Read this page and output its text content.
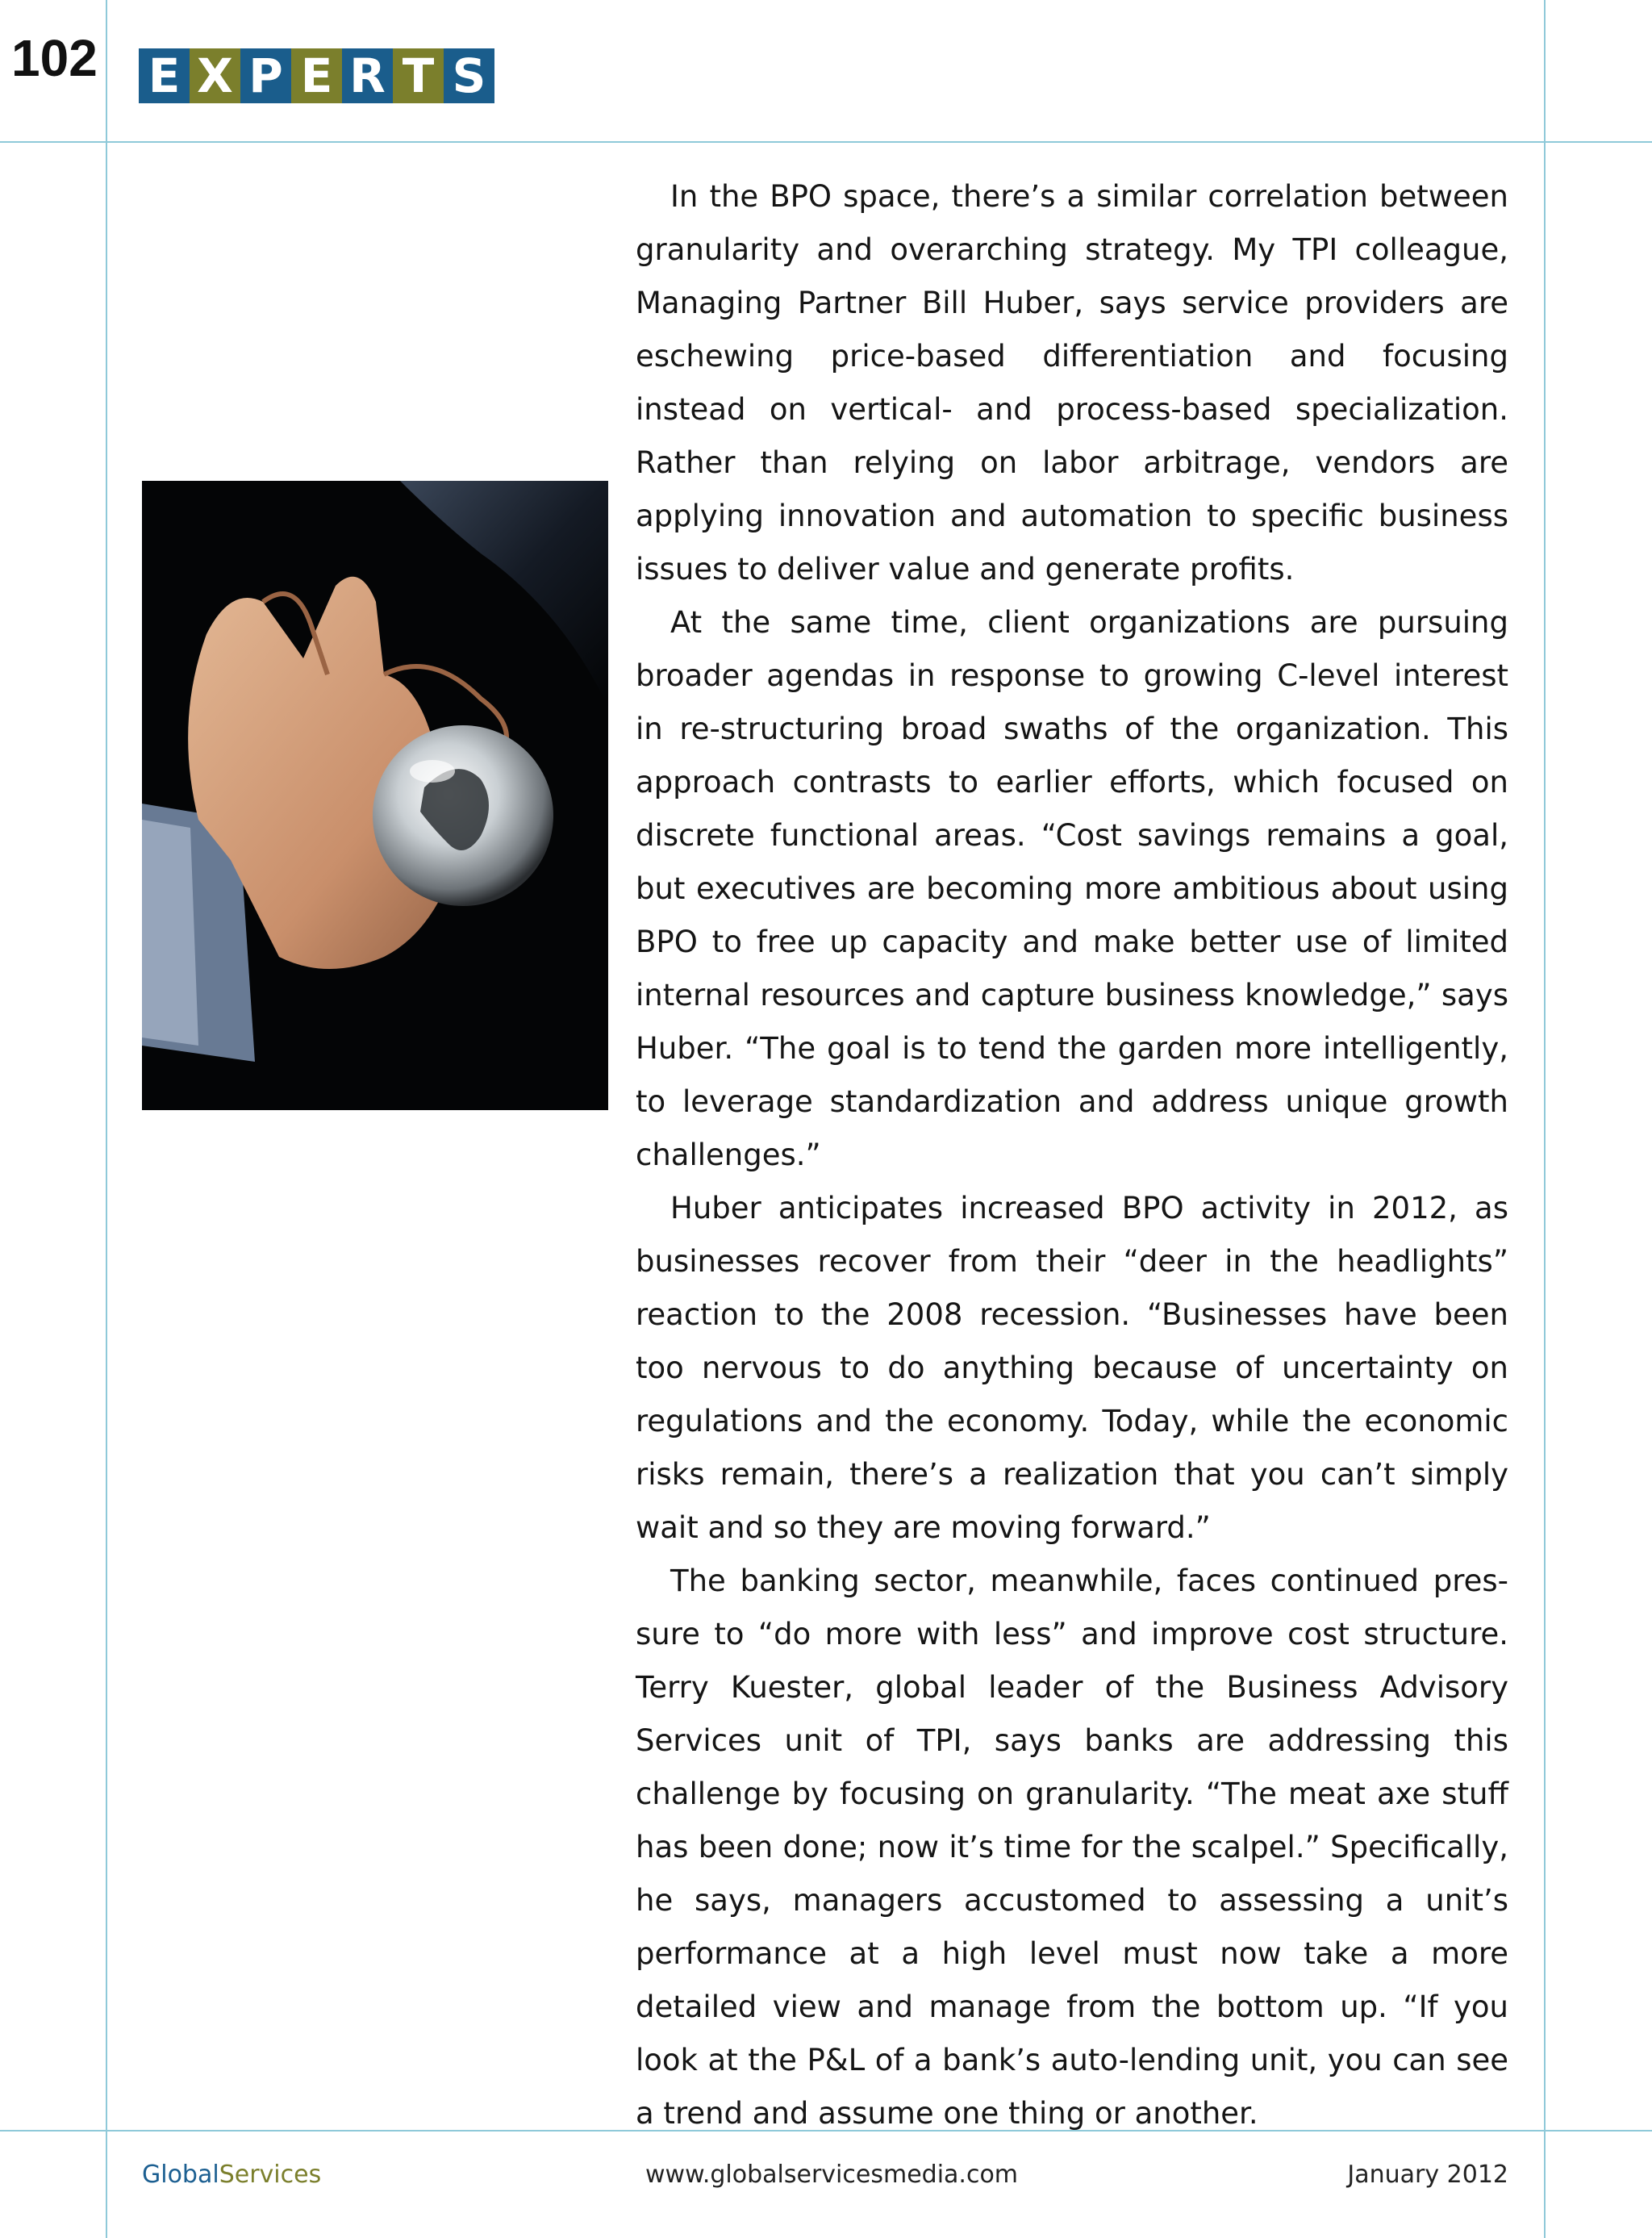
102 E X P E R T S

In the BPO space, there’s a similar correlation between granularity and overarching strategy. My TPI colleague, Managing Partner Bill Huber, says service providers are eschewing price-based differentiation and focusing instead on vertical- and process-based specialization. Rather than relying on labor arbitrage, vendors are applying innovation and automation to specific business issues to deliver value and generate profits.

At the same time, client organizations are pursuing broader agendas in response to growing C-level interest in re-structuring broad swaths of the organization. This approach contrasts to earlier efforts, which focused on discrete functional areas. “Cost savings remains a goal, but executives are becoming more ambitious about using BPO to free up capacity and make better use of limited internal resources and capture business knowledge,” says Huber. “The goal is to tend the garden more intelligently, to leverage standardization and address unique growth challenges.”

Huber anticipates increased BPO activity in 2012, as businesses recover from their “deer in the headlights” reaction to the 2008 recession. “Businesses have been too nervous to do anything because of uncertainty on regulations and the economy. Today, while the economic risks remain, there’s a realization that you can’t simply wait and so they are moving forward.”

The banking sector, meanwhile, faces continued pressure to “do more with less” and improve cost structure. Terry Kuester, global leader of the Business Advisory Services unit of TPI, says banks are addressing this challenge by focusing on granularity. “The meat axe stuff has been done; now it’s time for the scalpel.” Specifically, he says, managers accustomed to assessing a unit’s performance at a high level must now take a more detailed view and manage from the bottom up. “If you look at the P&L of a bank’s auto-lending unit, you can see a trend and assume one thing or another.

GlobalServices	www.globalservicesmedia.com	January 2012
